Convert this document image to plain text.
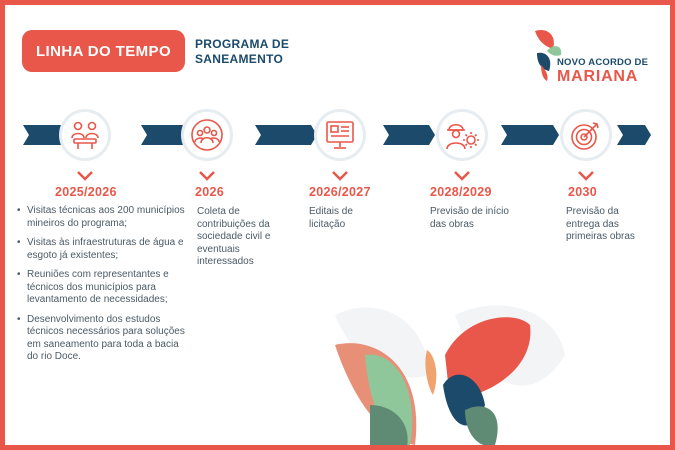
LINHA DO TEMPO	PROGRAMA DE SANEAMENTO	NOVO ACORDO DE
MARIANA
2025/2026	2026	2026/2027	2028/2029	2030
• Visitas técnicas aos 200 municípios mineiros do programa;
• Visitas às infraestruturas de água e esgoto já existentes;
• Reuniões com representantes e técnicos dos municípios para levantamento de necessidades;
• Desenvolvimento dos estudos técnicos necessários para soluções em saneamento para toda a bacia do rio Doce.
Coleta de contribuições da sociedade civil e eventuais interessados
Editais de licitação
Previsão de início das obras
Previsão da entrega das primeiras obras
